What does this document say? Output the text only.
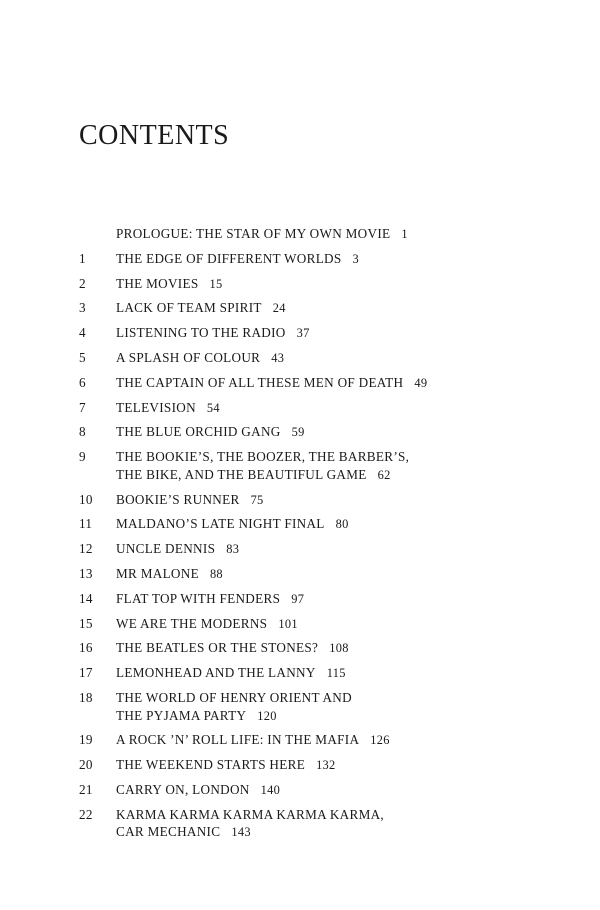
CONTENTS
PROLOGUE: THE STAR OF MY OWN MOVIE 1
1	THE EDGE OF DIFFERENT WORLDS 3
2	THE MOVIES 15
3	LACK OF TEAM SPIRIT 24
4	LISTENING TO THE RADIO 37
5	A SPLASH OF COLOUR 43
6	THE CAPTAIN OF ALL THESE MEN OF DEATH 49
7	TELEVISION 54
8	THE BLUE ORCHID GANG 59
9	THE BOOKIE’S, THE BOOZER, THE BARBER’S,
THE BIKE, AND THE BEAUTIFUL GAME 62
10	BOOKIE’S RUNNER 75
11	MALDANO’S LATE NIGHT FINAL 80
12	UNCLE DENNIS 83
13	MR MALONE 88
14	FLAT TOP WITH FENDERS 97
15	WE ARE THE MODERNS 101
16	THE BEATLES OR THE STONES? 108
17	LEMONHEAD AND THE LANNY 115
18	THE WORLD OF HENRY ORIENT AND
THE PYJAMA PARTY 120
19	A ROCK ’N’ ROLL LIFE: IN THE MAFIA 126
20	THE WEEKEND STARTS HERE 132
21	CARRY ON, LONDON 140
22	KARMA KARMA KARMA KARMA KARMA,
CAR MECHANIC 143
